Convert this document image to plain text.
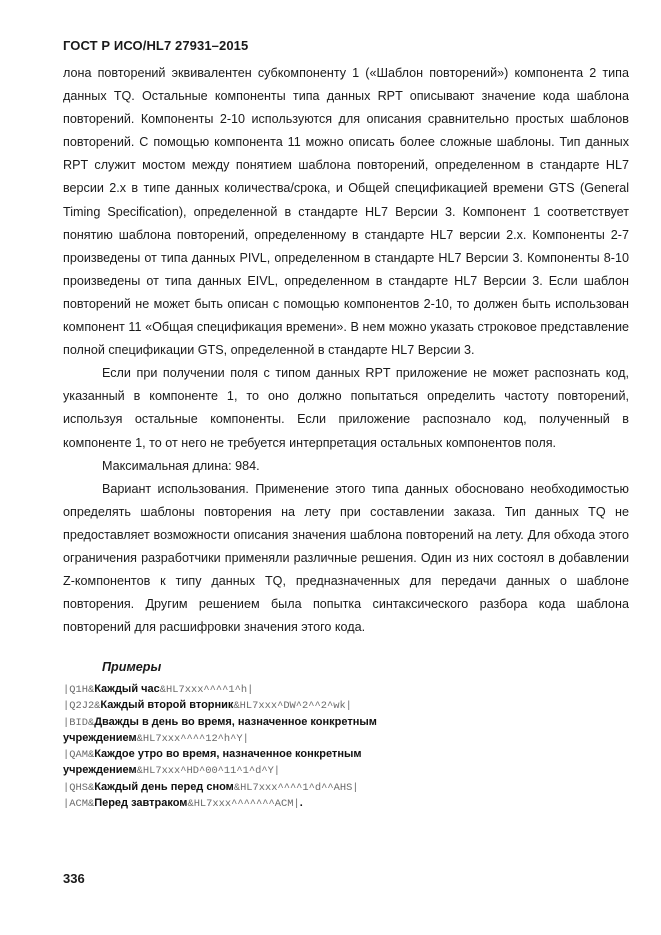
ГОСТ Р ИСО/HL7 27931–2015

лона повторений эквивалентен субкомпоненту 1 («Шаблон повторений») компонента 2 типа данных TQ. Остальные компоненты типа данных RPT описывают значение кода шаблона повторений. Компоненты 2-10 используются для описания сравнительно простых шаблонов повторений. С помощью компонента 11 можно описать более сложные шаблоны. Тип данных RPT служит мостом между понятием шаблона повторений, определенном в стандарте HL7 версии 2.x в типе данных количества/срока, и Общей спецификацией времени GTS (General Timing Specification), определенной в стандарте HL7 Версии 3. Компонент 1 соответствует понятию шаблона повторений, определенному в стандарте HL7 версии 2.x. Компоненты 2-7 произведены от типа данных PIVL, определенном в стандарте HL7 Версии 3. Компоненты 8-10 произведены от типа данных EIVL, определенном в стандарте HL7 Версии 3. Если шаблон повторений не может быть описан с помощью компонентов 2-10, то должен быть использован компонент 11 «Общая спецификация времени». В нем можно указать строковое представление полной спецификации GTS, определенной в стандарте HL7 Версии 3.

Если при получении поля с типом данных RPT приложение не может распознать код, указанный в компоненте 1, то оно должно попытаться определить частоту повторений, используя остальные компоненты. Если приложение распознало код, полученный в компоненте 1, то от него не требуется интерпретация остальных компонентов поля.

Максимальная длина: 984.

Вариант использования. Применение этого типа данных обосновано необходимостью определять шаблоны повторения на лету при составлении заказа. Тип данных TQ не предоставляет возможности описания значения шаблона повторений на лету. Для обхода этого ограничения разработчики применяли различные решения. Один из них состоял в добавлении Z-компонентов к типу данных TQ, предназначенных для передачи данных о шаблоне повторения. Другим решением была попытка синтаксического разбора кода шаблона повторений для расшифровки значения этого кода.

Примеры
|Q1H&Каждый час&HL7xxx^^^^1^h|
|Q2J2&Каждый второй вторник&HL7xxx^DW^2^^2^wk|
|BID&Дважды в день во время, назначенное конкретным
учреждением&HL7xxx^^^^12^h^Y|
|QAM&Каждое утро во время, назначенное конкретным
учреждением&HL7xxx^HD^00^11^1^d^Y|
|QHS&Каждый день перед сном&HL7xxx^^^^1^d^^AHS|
|ACM&Перед завтраком&HL7xxx^^^^^^^ACM|.
336
